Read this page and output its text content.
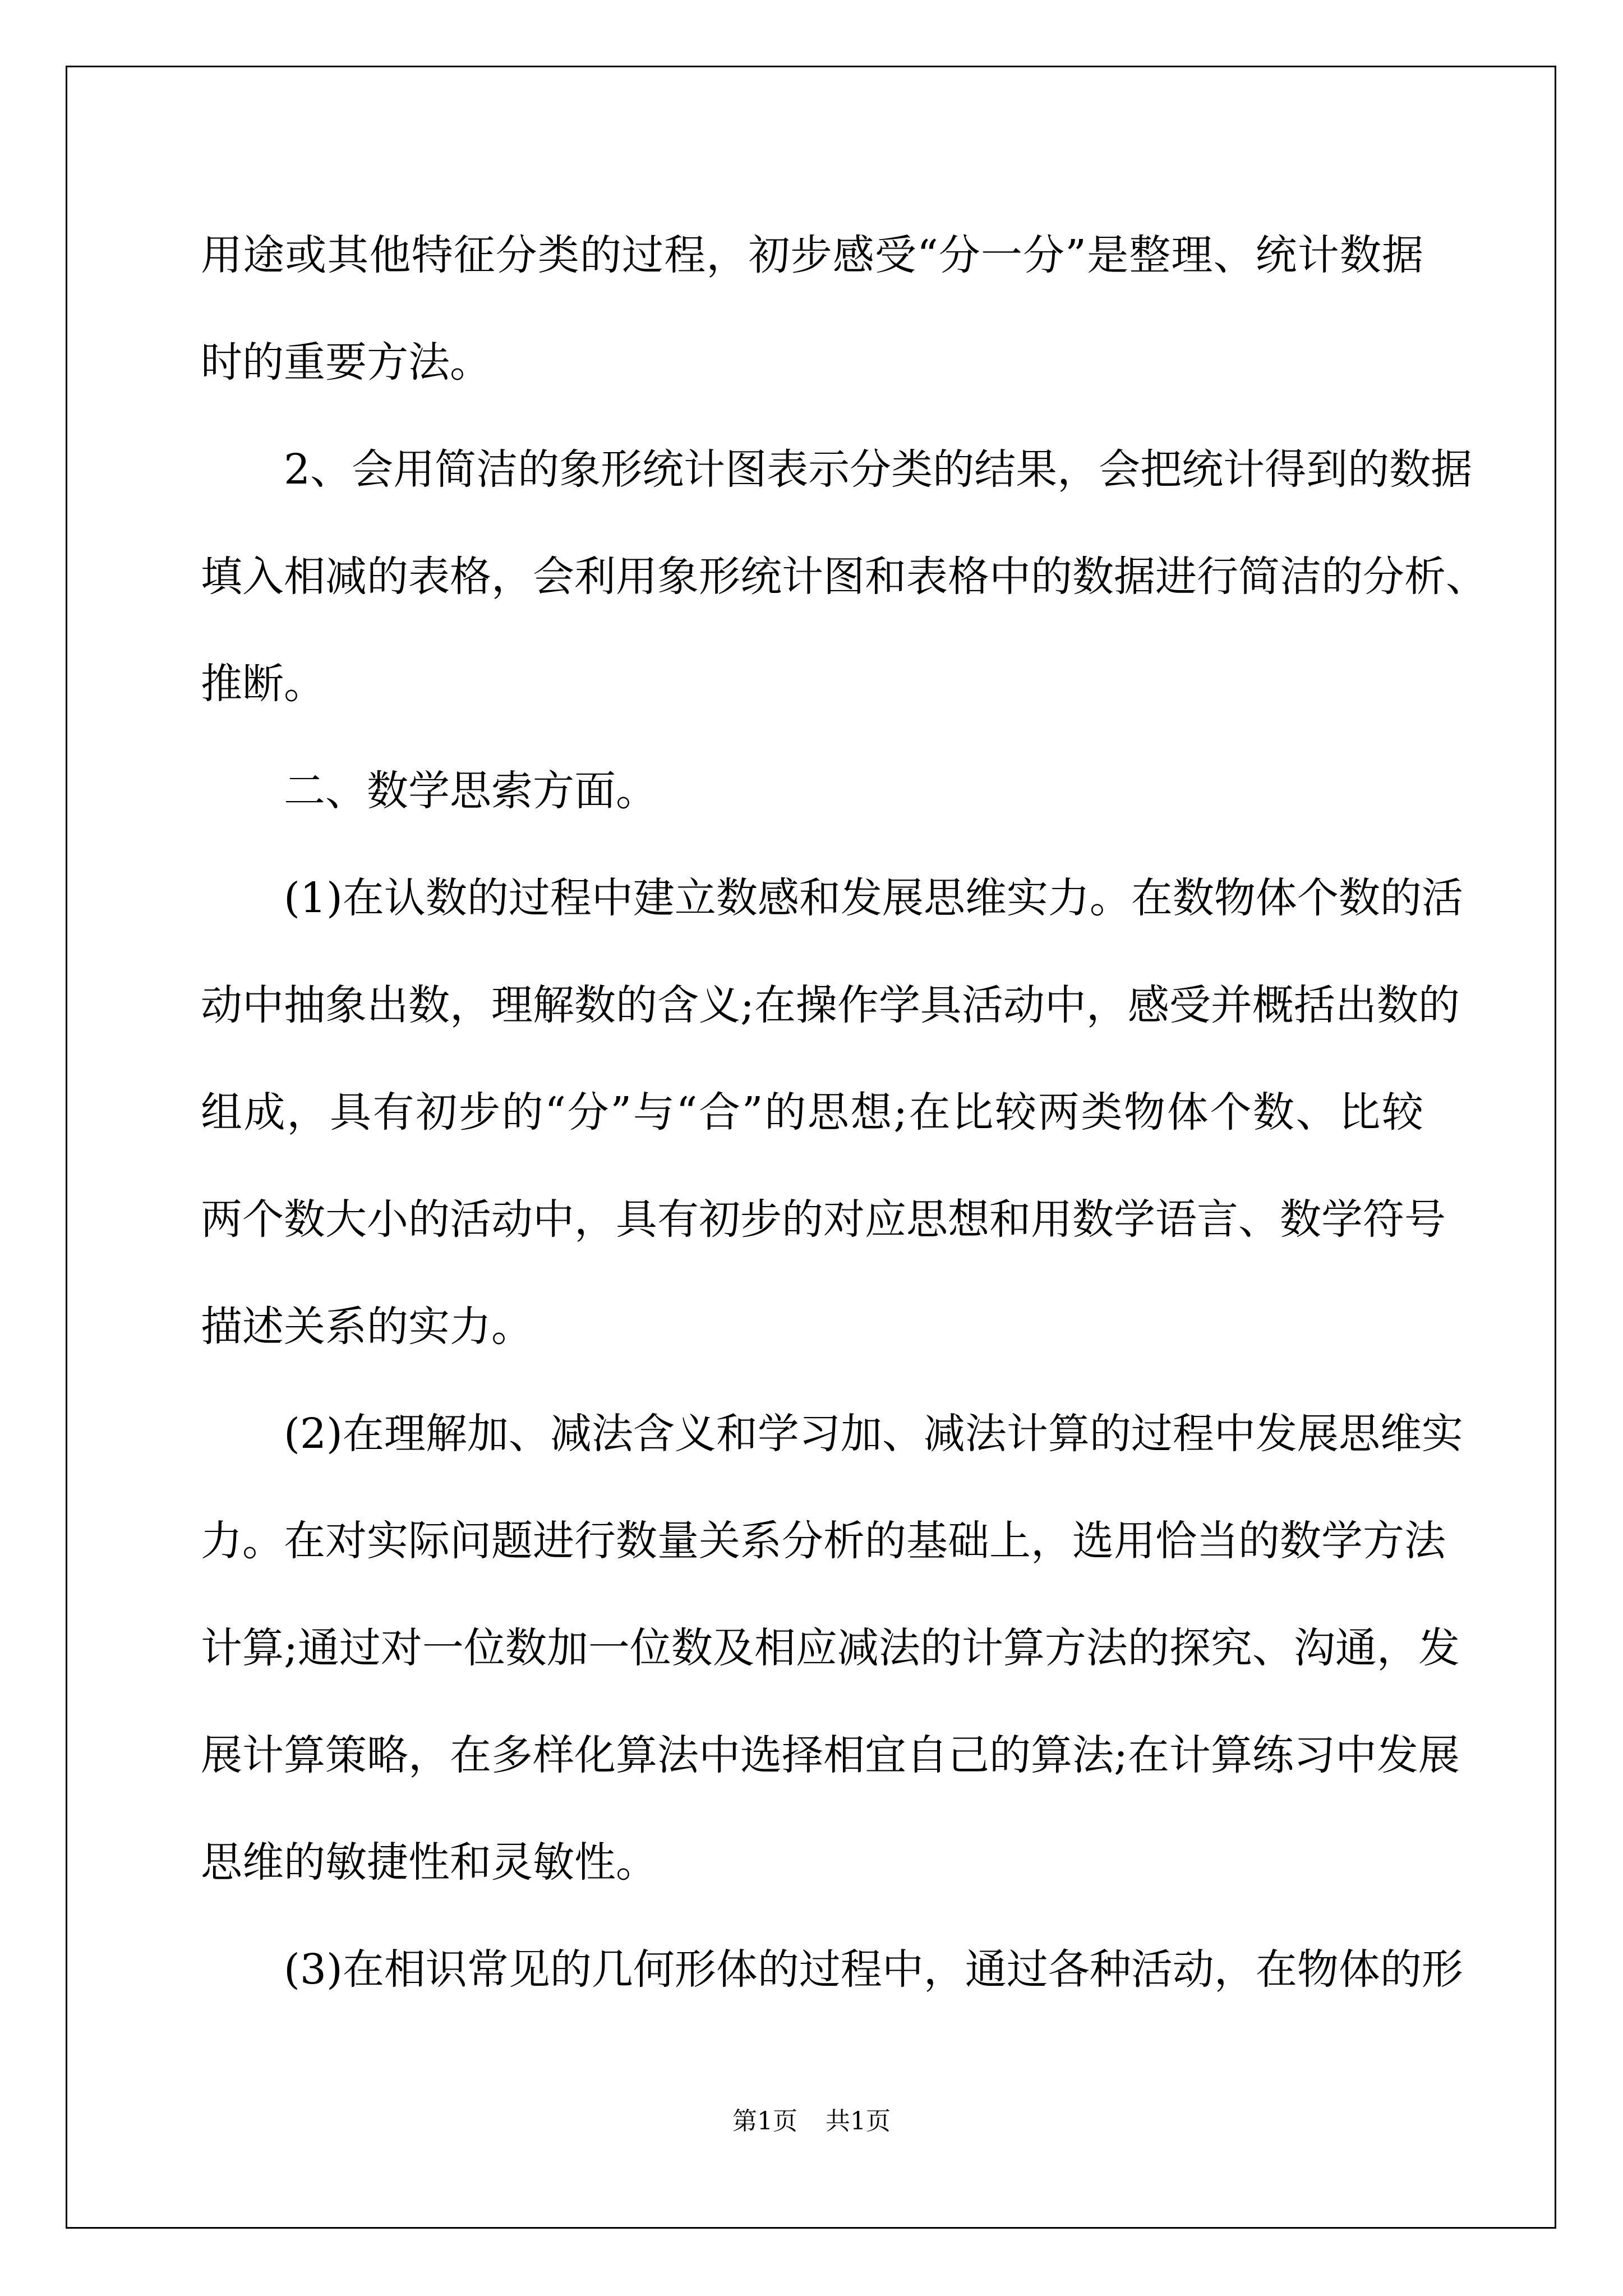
用途或其他特征分类的过程，初步感受“分一分”是整理、统计数据
时的重要方法。
2、会用简洁的象形统计图表示分类的结果，会把统计得到的数据
填入相减的表格，会利用象形统计图和表格中的数据进行简洁的分析、
推断。
二、数学思索方面。
(1)在认数的过程中建立数感和发展思维实力。在数物体个数的活
动中抽象出数，理解数的含义;在操作学具活动中，感受并概括出数的
组成，具有初步的“分”与“合”的思想;在比较两类物体个数、比较
两个数大小的活动中，具有初步的对应思想和用数学语言、数学符号
描述关系的实力。
(2)在理解加、减法含义和学习加、减法计算的过程中发展思维实
力。在对实际问题进行数量关系分析的基础上，选用恰当的数学方法
计算;通过对一位数加一位数及相应减法的计算方法的探究、沟通，发
展计算策略，在多样化算法中选择相宜自己的算法;在计算练习中发展
思维的敏捷性和灵敏性。
(3)在相识常见的几何形体的过程中，通过各种活动，在物体的形
第1页 共1页
